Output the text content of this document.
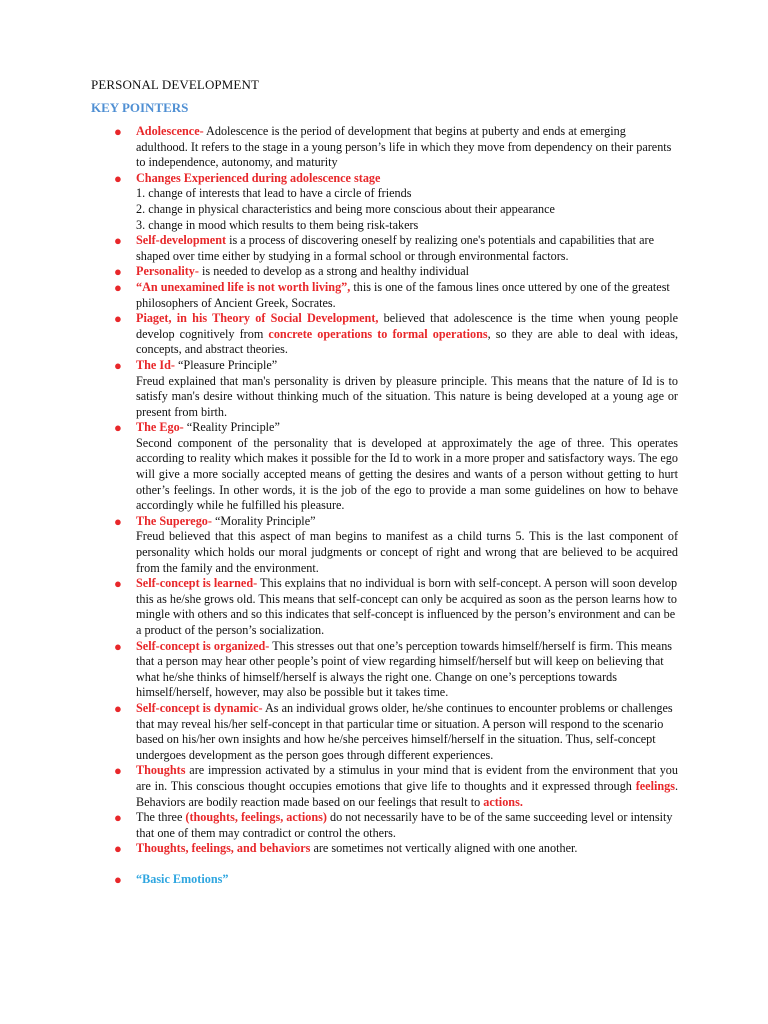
PERSONAL DEVELOPMENT
KEY POINTERS
● Adolescence- Adolescence is the period of development that begins at puberty and ends at emerging adulthood. It refers to the stage in a young person’s life in which they move from dependency on their parents to independence, autonomy, and maturity
● Changes Experienced during adolescence stage
1. change of interests that lead to have a circle of friends
2. change in physical characteristics and being more conscious about their appearance
3. change in mood which results to them being risk-takers
● Self-development is a process of discovering oneself by realizing one's potentials and capabilities that are shaped over time either by studying in a formal school or through environmental factors.
● Personality- is needed to develop as a strong and healthy individual
● “An unexamined life is not worth living”, this is one of the famous lines once uttered by one of the greatest philosophers of Ancient Greek, Socrates.
● Piaget, in his Theory of Social Development, believed that adolescence is the time when young people develop cognitively from concrete operations to formal operations, so they are able to deal with ideas, concepts, and abstract theories.
● The Id- “Pleasure Principle”
Freud explained that man's personality is driven by pleasure principle. This means that the nature of Id is to satisfy man's desire without thinking much of the situation. This nature is being developed at a young age or present from birth.
● The Ego- “Reality Principle”
Second component of the personality that is developed at approximately the age of three. This operates according to reality which makes it possible for the Id to work in a more proper and satisfactory ways. The ego will give a more socially accepted means of getting the desires and wants of a person without getting to hurt other’s feelings. In other words, it is the job of the ego to provide a man some guidelines on how to behave accordingly while he fulfilled his pleasure.
● The Superego- “Morality Principle”
Freud believed that this aspect of man begins to manifest as a child turns 5. This is the last component of personality which holds our moral judgments or concept of right and wrong that are believed to be acquired from the family and the environment.
● Self-concept is learned- This explains that no individual is born with self-concept. A person will soon develop this as he/she grows old. This means that self-concept can only be acquired as soon as the person learns how to mingle with others and so this indicates that self-concept is influenced by the person’s environment and can be a product of the person’s socialization.
● Self-concept is organized- This stresses out that one’s perception towards himself/herself is firm. This means that a person may hear other people’s point of view regarding himself/herself but will keep on believing that what he/she thinks of himself/herself is always the right one. Change on one’s perceptions towards himself/herself, however, may also be possible but it takes time.
● Self-concept is dynamic- As an individual grows older, he/she continues to encounter problems or challenges that may reveal his/her self-concept in that particular time or situation. A person will respond to the scenario based on his/her own insights and how he/she perceives himself/herself in the situation. Thus, self-concept undergoes development as the person goes through different experiences.
● Thoughts are impression activated by a stimulus in your mind that is evident from the environment that you are in. This conscious thought occupies emotions that give life to thoughts and it expressed through feelings. Behaviors are bodily reaction made based on our feelings that result to actions.
● The three (thoughts, feelings, actions) do not necessarily have to be of the same succeeding level or intensity that one of them may contradict or control the others.
● Thoughts, feelings, and behaviors are sometimes not vertically aligned with one another.
● “Basic Emotions”
